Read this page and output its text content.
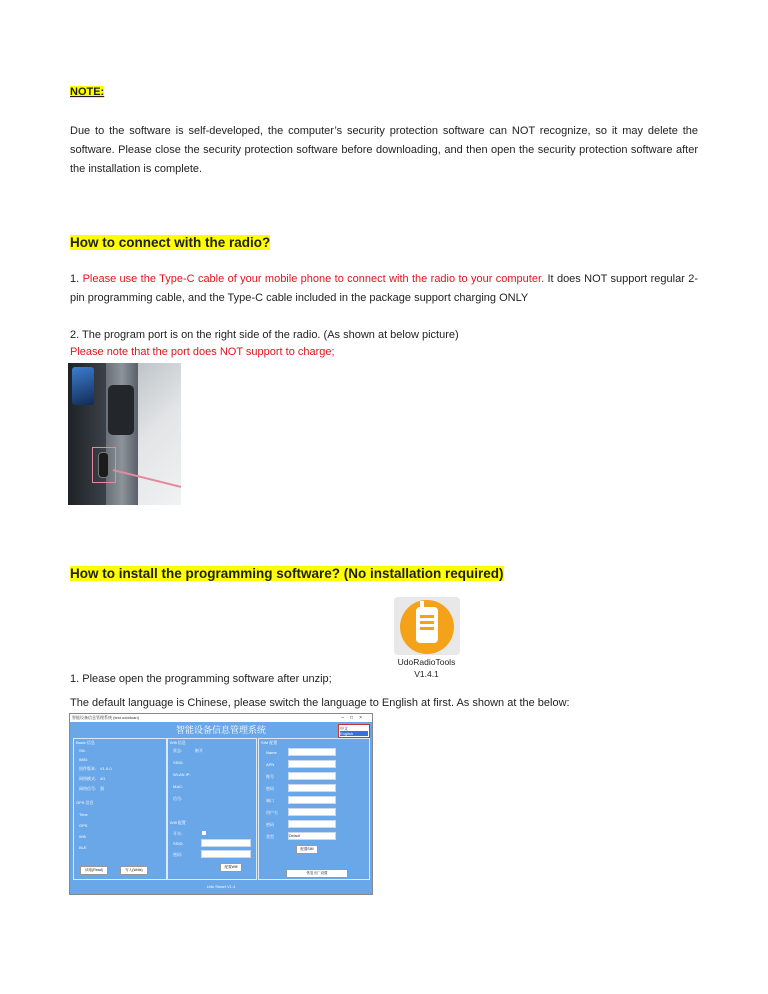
NOTE:
Due to the software is self-developed, the computer’s security protection software can NOT recognize, so it may delete the software. Please close the security protection software before downloading, and then open the security protection software after the installation is complete.
How to connect with the radio?
1. Please use the Type-C cable of your mobile phone to connect with the radio to your computer. It does NOT support regular 2-pin programming cable, and the Type-C cable included in the package support charging ONLY
2. The program port is on the right side of the radio. (As shown at below picture)
Please note that the port does NOT support to charge;
How to install the programming software? (No installation required)
UdoRadioTools
V1.4.1
1. Please open the programming software after unzip;
The default language is Chinese, please switch the language to English at first. As shown at the below:
智能设备信息管理系统 (test.udoduan)	–□×
智能设备信息管理系统	中文
English
Basic 信息
SN:
IMEI:
固件版本: V1.0.0
网络模式: 4G
网络信号: 强
GPS 信息
Time
GPS
Wifi
BLE
读取(Read)	写入(Write)
Wifi 信息
状态:	断开
SSID:
WLAN IP:
MAC:
信号:
Wifi 配置
开关:
SSID:
密码:
配置Wifi
SIM 配置
Name
APN
账号
密码
端口
用户名
密码
类型	Default
配置SIM
恢复出厂设置
Udo Smart V1.4
